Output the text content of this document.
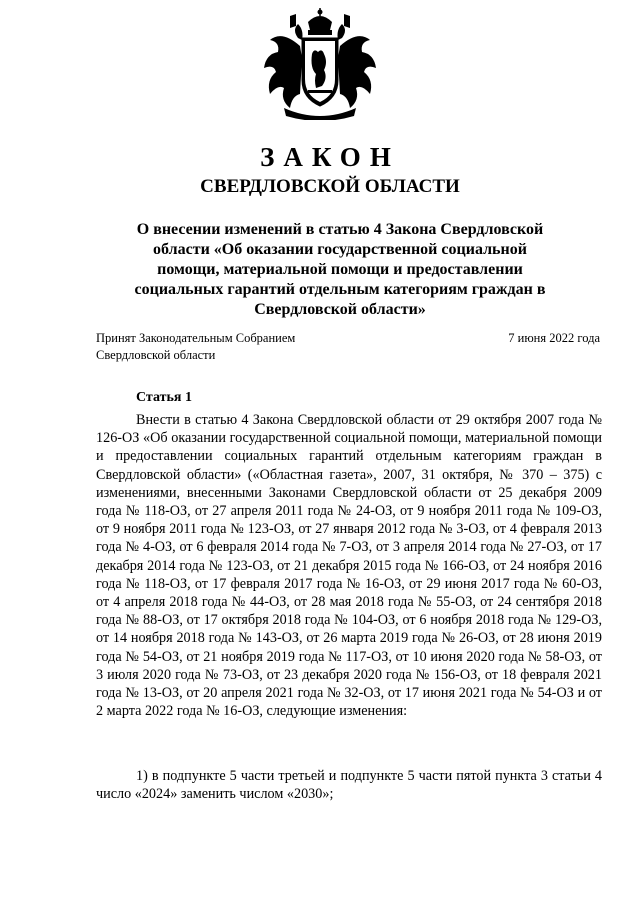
ЗАКОН
СВЕРДЛОВСКОЙ ОБЛАСТИ
О внесении изменений в статью 4 Закона Свердловской области «Об оказании государственной социальной помощи, материальной помощи и предоставлении социальных гарантий отдельным категориям граждан в Свердловской области»
Принят Законодательным Собранием Свердловской области
7 июня 2022 года
Статья 1

Внести в статью 4 Закона Свердловской области от 29 октября 2007 года № 126-ОЗ «Об оказании государственной социальной помощи, материальной помощи и предоставлении социальных гарантий отдельным категориям граждан в Свердловской области» («Областная газета», 2007, 31 октября, № 370 – 375) с изменениями, внесенными Законами Свердловской области от 25 декабря 2009 года № 118-ОЗ, от 27 апреля 2011 года № 24-ОЗ, от 9 ноября 2011 года № 109-ОЗ, от 9 ноября 2011 года № 123-ОЗ, от 27 января 2012 года № 3-ОЗ, от 4 февраля 2013 года № 4-ОЗ, от 6 февраля 2014 года № 7-ОЗ, от 3 апреля 2014 года № 27-ОЗ, от 17 декабря 2014 года № 123-ОЗ, от 21 декабря 2015 года № 166-ОЗ, от 24 ноября 2016 года № 118-ОЗ, от 17 февраля 2017 года № 16-ОЗ, от 29 июня 2017 года № 60-ОЗ, от 4 апреля 2018 года № 44-ОЗ, от 28 мая 2018 года № 55-ОЗ, от 24 сентября 2018 года № 88-ОЗ, от 17 октября 2018 года № 104-ОЗ, от 6 ноября 2018 года № 129-ОЗ, от 14 ноября 2018 года № 143-ОЗ, от 26 марта 2019 года № 26-ОЗ, от 28 июня 2019 года № 54-ОЗ, от 21 ноября 2019 года № 117-ОЗ, от 10 июня 2020 года № 58-ОЗ, от 3 июля 2020 года № 73-ОЗ, от 23 декабря 2020 года № 156-ОЗ, от 18 февраля 2021 года № 13-ОЗ, от 20 апреля 2021 года № 32-ОЗ, от 17 июня 2021 года № 54-ОЗ и от 2 марта 2022 года № 16-ОЗ, следующие изменения:

1) в подпункте 5 части третьей и подпункте 5 части пятой пункта 3 статьи 4 число «2024» заменить числом «2030»;
